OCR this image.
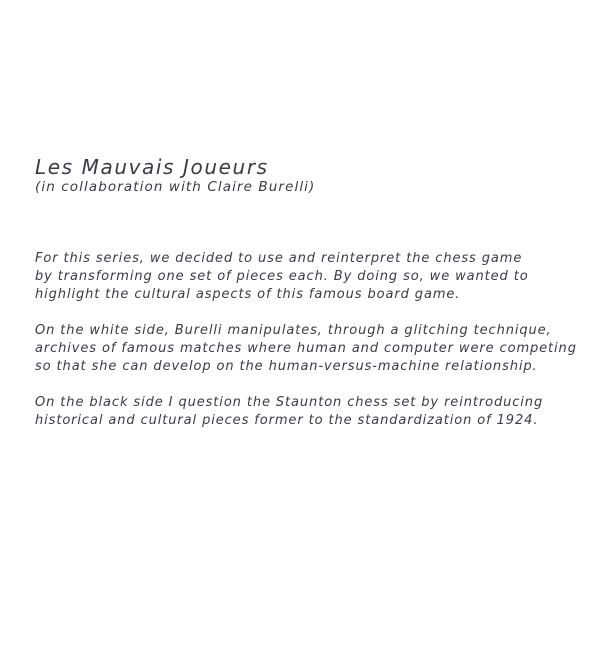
Les Mauvais Joueurs
(in collaboration with Claire Burelli)

For this series, we decided to use and reinterpret the chess game
by transforming one set of pieces each. By doing so, we wanted to
highlight the cultural aspects of this famous board game.

On the white side, Burelli manipulates, through a glitching technique,
archives of famous matches where human and computer were competing
so that she can develop on the human-versus-machine relationship.

On the black side I question the Staunton chess set by reintroducing
historical and cultural pieces former to the standardization of 1924.
